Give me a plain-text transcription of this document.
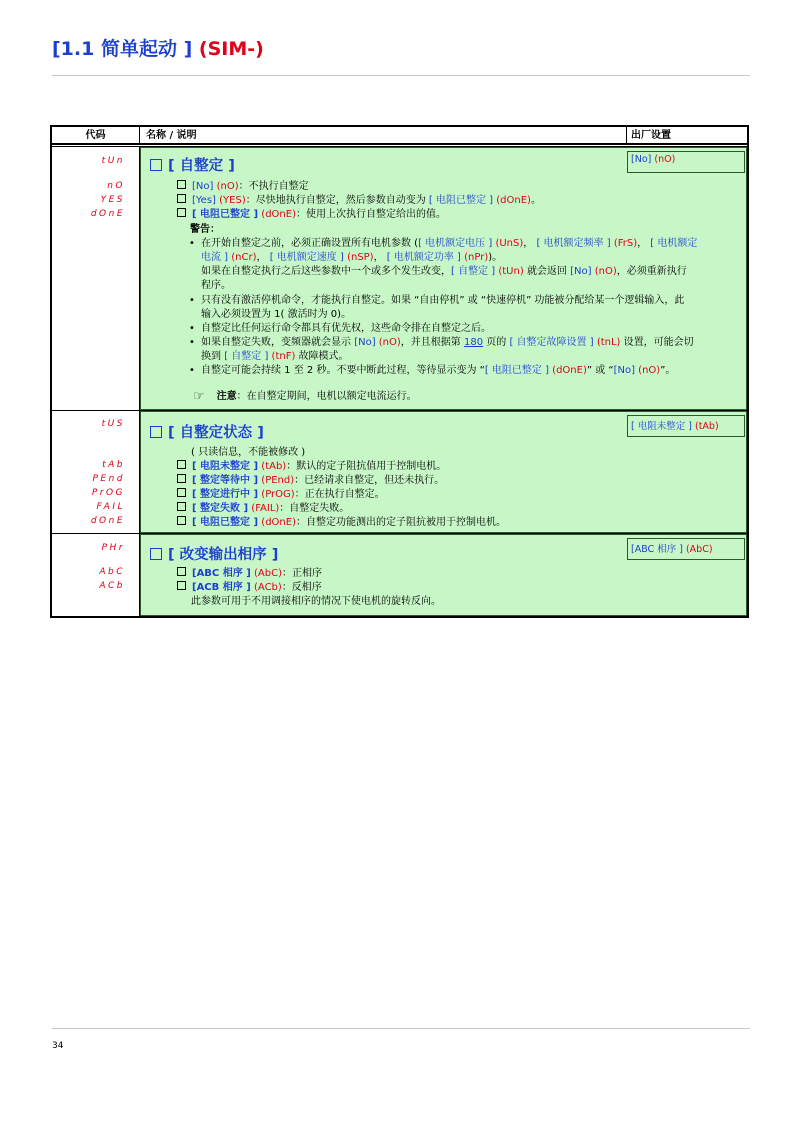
[1.1 简单起动 ] (SIM-)
代码	名称 / 说明	出厂设置
tUn
nO
YES
dOnE
[No] (nO)
tUS
tAb
PEnd
PrOG
FAIL
dOnE
[ 电阻未整定 ] (tAb)
PHr
AbC
ACb
[ABC 相序 ] (AbC)
[ 自整定 ]
[No] (nO)：不执行自整定
[Yes] (YES)：尽快地执行自整定，然后参数自动变为 [ 电阻已整定 ] (dOnE)。
[ 电阻已整定 ] (dOnE)：使用上次执行自整定给出的值。
警告：
• 在开始自整定之前，必须正确设置所有电机参数 ([ 电机额定电压 ] (UnS)， [ 电机额定频率 ] (FrS)， [ 电机额定
电流 ] (nCr)， [ 电机额定速度 ] (nSP)， [ 电机额定功率 ] (nPr))。
如果在自整定执行之后这些参数中一个或多个发生改变，[ 自整定 ] (tUn) 就会返回 [No] (nO)，必须重新执行
程序。
• 只有没有激活停机命令，才能执行自整定。如果 “自由停机” 或 “快速停机” 功能被分配给某一个逻辑输入，此
输入必须设置为 1( 激活时为 0)。
• 自整定比任何运行命令都具有优先权，这些命令排在自整定之后。
• 如果自整定失败，变频器就会显示 [No] (nO)，并且根据第 180 页的 [ 自整定故障设置 ] (tnL) 设置，可能会切
换到 [ 自整定 ] (tnF) 故障模式。
• 自整定可能会持续 1 至 2 秒。不要中断此过程，等待显示变为 “[ 电阻已整定 ] (dOnE)” 或 “[No] (nO)”。
☞ 注意：在自整定期间，电机以额定电流运行。
[ 自整定状态 ]
( 只读信息，不能被修改 )
[ 电阻未整定 ] (tAb)：默认的定子阻抗值用于控制电机。
[ 整定等待中 ] (PEnd)：已经请求自整定，但还未执行。
[ 整定进行中 ] (PrOG)：正在执行自整定。
[ 整定失败 ] (FAIL)：自整定失败。
[ 电阻已整定 ] (dOnE)：自整定功能测出的定子阻抗被用于控制电机。
[ 改变输出相序 ]
[ABC 相序 ] (AbC)：正相序
[ACB 相序 ] (ACb)：反相序
此参数可用于不用调接相序的情况下使电机的旋转反向。
34
